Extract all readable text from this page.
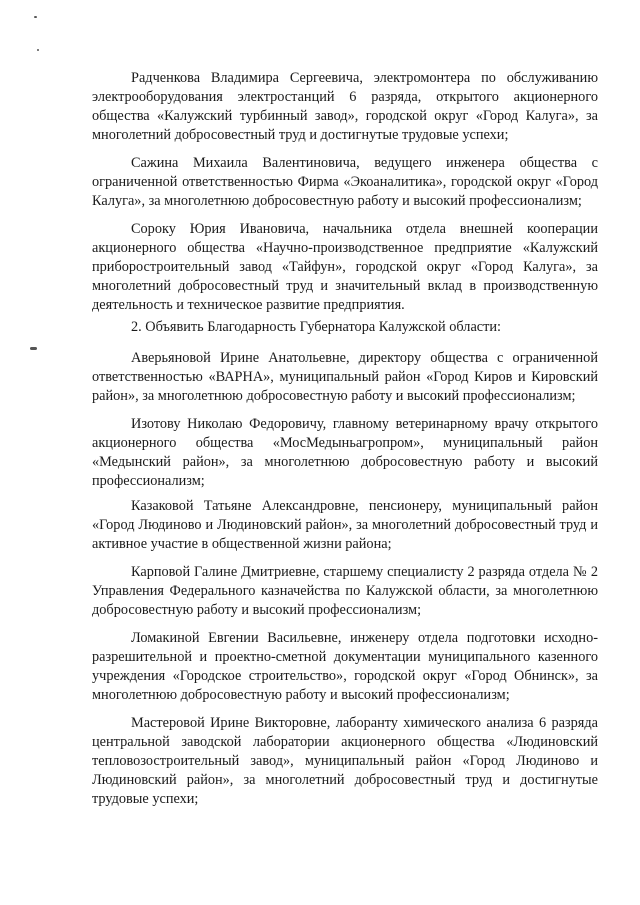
Радченкова Владимира Сергеевича, электромонтера по обслуживанию электрооборудования электростанций 6 разряда, открытого акционерного общества «Калужский турбинный завод», городской округ «Город Калуга», за многолетний добросовестный труд и достигнутые трудовые успехи;

Сажина Михаила Валентиновича, ведущего инженера общества с ограниченной ответственностью Фирма «Экоаналитика», городской округ «Город Калуга», за многолетнюю добросовестную работу и высокий профессионализм;

Сороку Юрия Ивановича, начальника отдела внешней кооперации акционерного общества «Научно-производственное предприятие «Калужский приборостроительный завод «Тайфун», городской округ «Город Калуга», за многолетний добросовестный труд и значительный вклад в производственную деятельность и техническое развитие предприятия.

2. Объявить Благодарность Губернатора Калужской области:

Аверьяновой Ирине Анатольевне, директору общества с ограниченной ответственностью «ВАРНА», муниципальный район «Город Киров и Кировский район», за многолетнюю добросовестную работу и высокий профессионализм;

Изотову Николаю Федоровичу, главному ветеринарному врачу открытого акционерного общества «МосМедыньагропром», муниципальный район «Медынский район», за многолетнюю добросовестную работу и высокий профессионализм;

Казаковой Татьяне Александровне, пенсионеру, муниципальный район «Город Людиново и Людиновский район», за многолетний добросовестный труд и активное участие в общественной жизни района;

Карповой Галине Дмитриевне, старшему специалисту 2 разряда отдела № 2 Управления Федерального казначейства по Калужской области, за многолетнюю добросовестную работу и высокий профессионализм;

Ломакиной Евгении Васильевне, инженеру отдела подготовки исходно-разрешительной и проектно-сметной документации муниципального казенного учреждения «Городское строительство», городской округ «Город Обнинск», за многолетнюю добросовестную работу и высокий профессионализм;

Мастеровой Ирине Викторовне, лаборанту химического анализа 6 разряда центральной заводской лаборатории акционерного общества «Людиновский тепловозостроительный завод», муниципальный район «Город Людиново и Людиновский район», за многолетний добросовестный труд и достигнутые трудовые успехи;
